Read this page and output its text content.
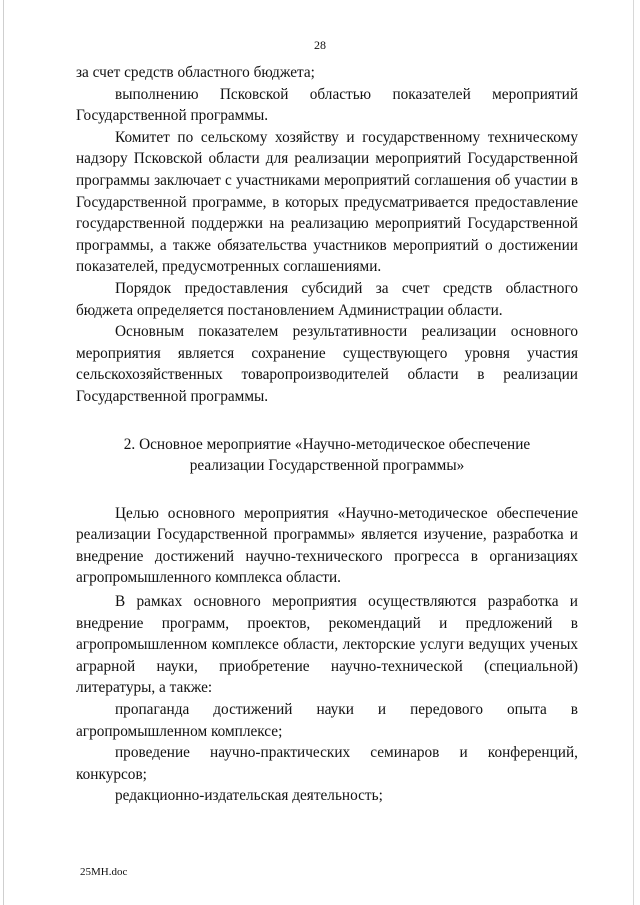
28

за счет средств областного бюджета;

выполнению Псковской областью показателей мероприятий Государственной программы.

Комитет по сельскому хозяйству и государственному техническому надзору Псковской области для реализации мероприятий Государственной программы заключает с участниками мероприятий соглашения об участии в Государственной программе, в которых предусматривается предоставление государственной поддержки на реализацию мероприятий Государственной программы, а также обязательства участников мероприятий о достижении показателей, предусмотренных соглашениями.

Порядок предоставления субсидий за счет средств областного бюджета определяется постановлением Администрации области.

Основным показателем результативности реализации основного мероприятия является сохранение существующего уровня участия сельскохозяйственных товаропроизводителей области в реализации Государственной программы.

2. Основное мероприятие «Научно-методическое обеспечение
реализации Государственной программы»

Целью основного мероприятия «Научно-методическое обеспечение реализации Государственной программы» является изучение, разработка и внедрение достижений научно-технического прогресса в организациях агропромышленного комплекса области.

В рамках основного мероприятия осуществляются разработка и внедрение программ, проектов, рекомендаций и предложений в агропромышленном комплексе области, лекторские услуги ведущих ученых аграрной науки, приобретение научно-технической (специальной) литературы, а также:

пропаганда достижений науки и передового опыта в агропромышленном комплексе;

проведение научно-практических семинаров и конференций, конкурсов;

редакционно-издательская деятельность;

25МН.doc
